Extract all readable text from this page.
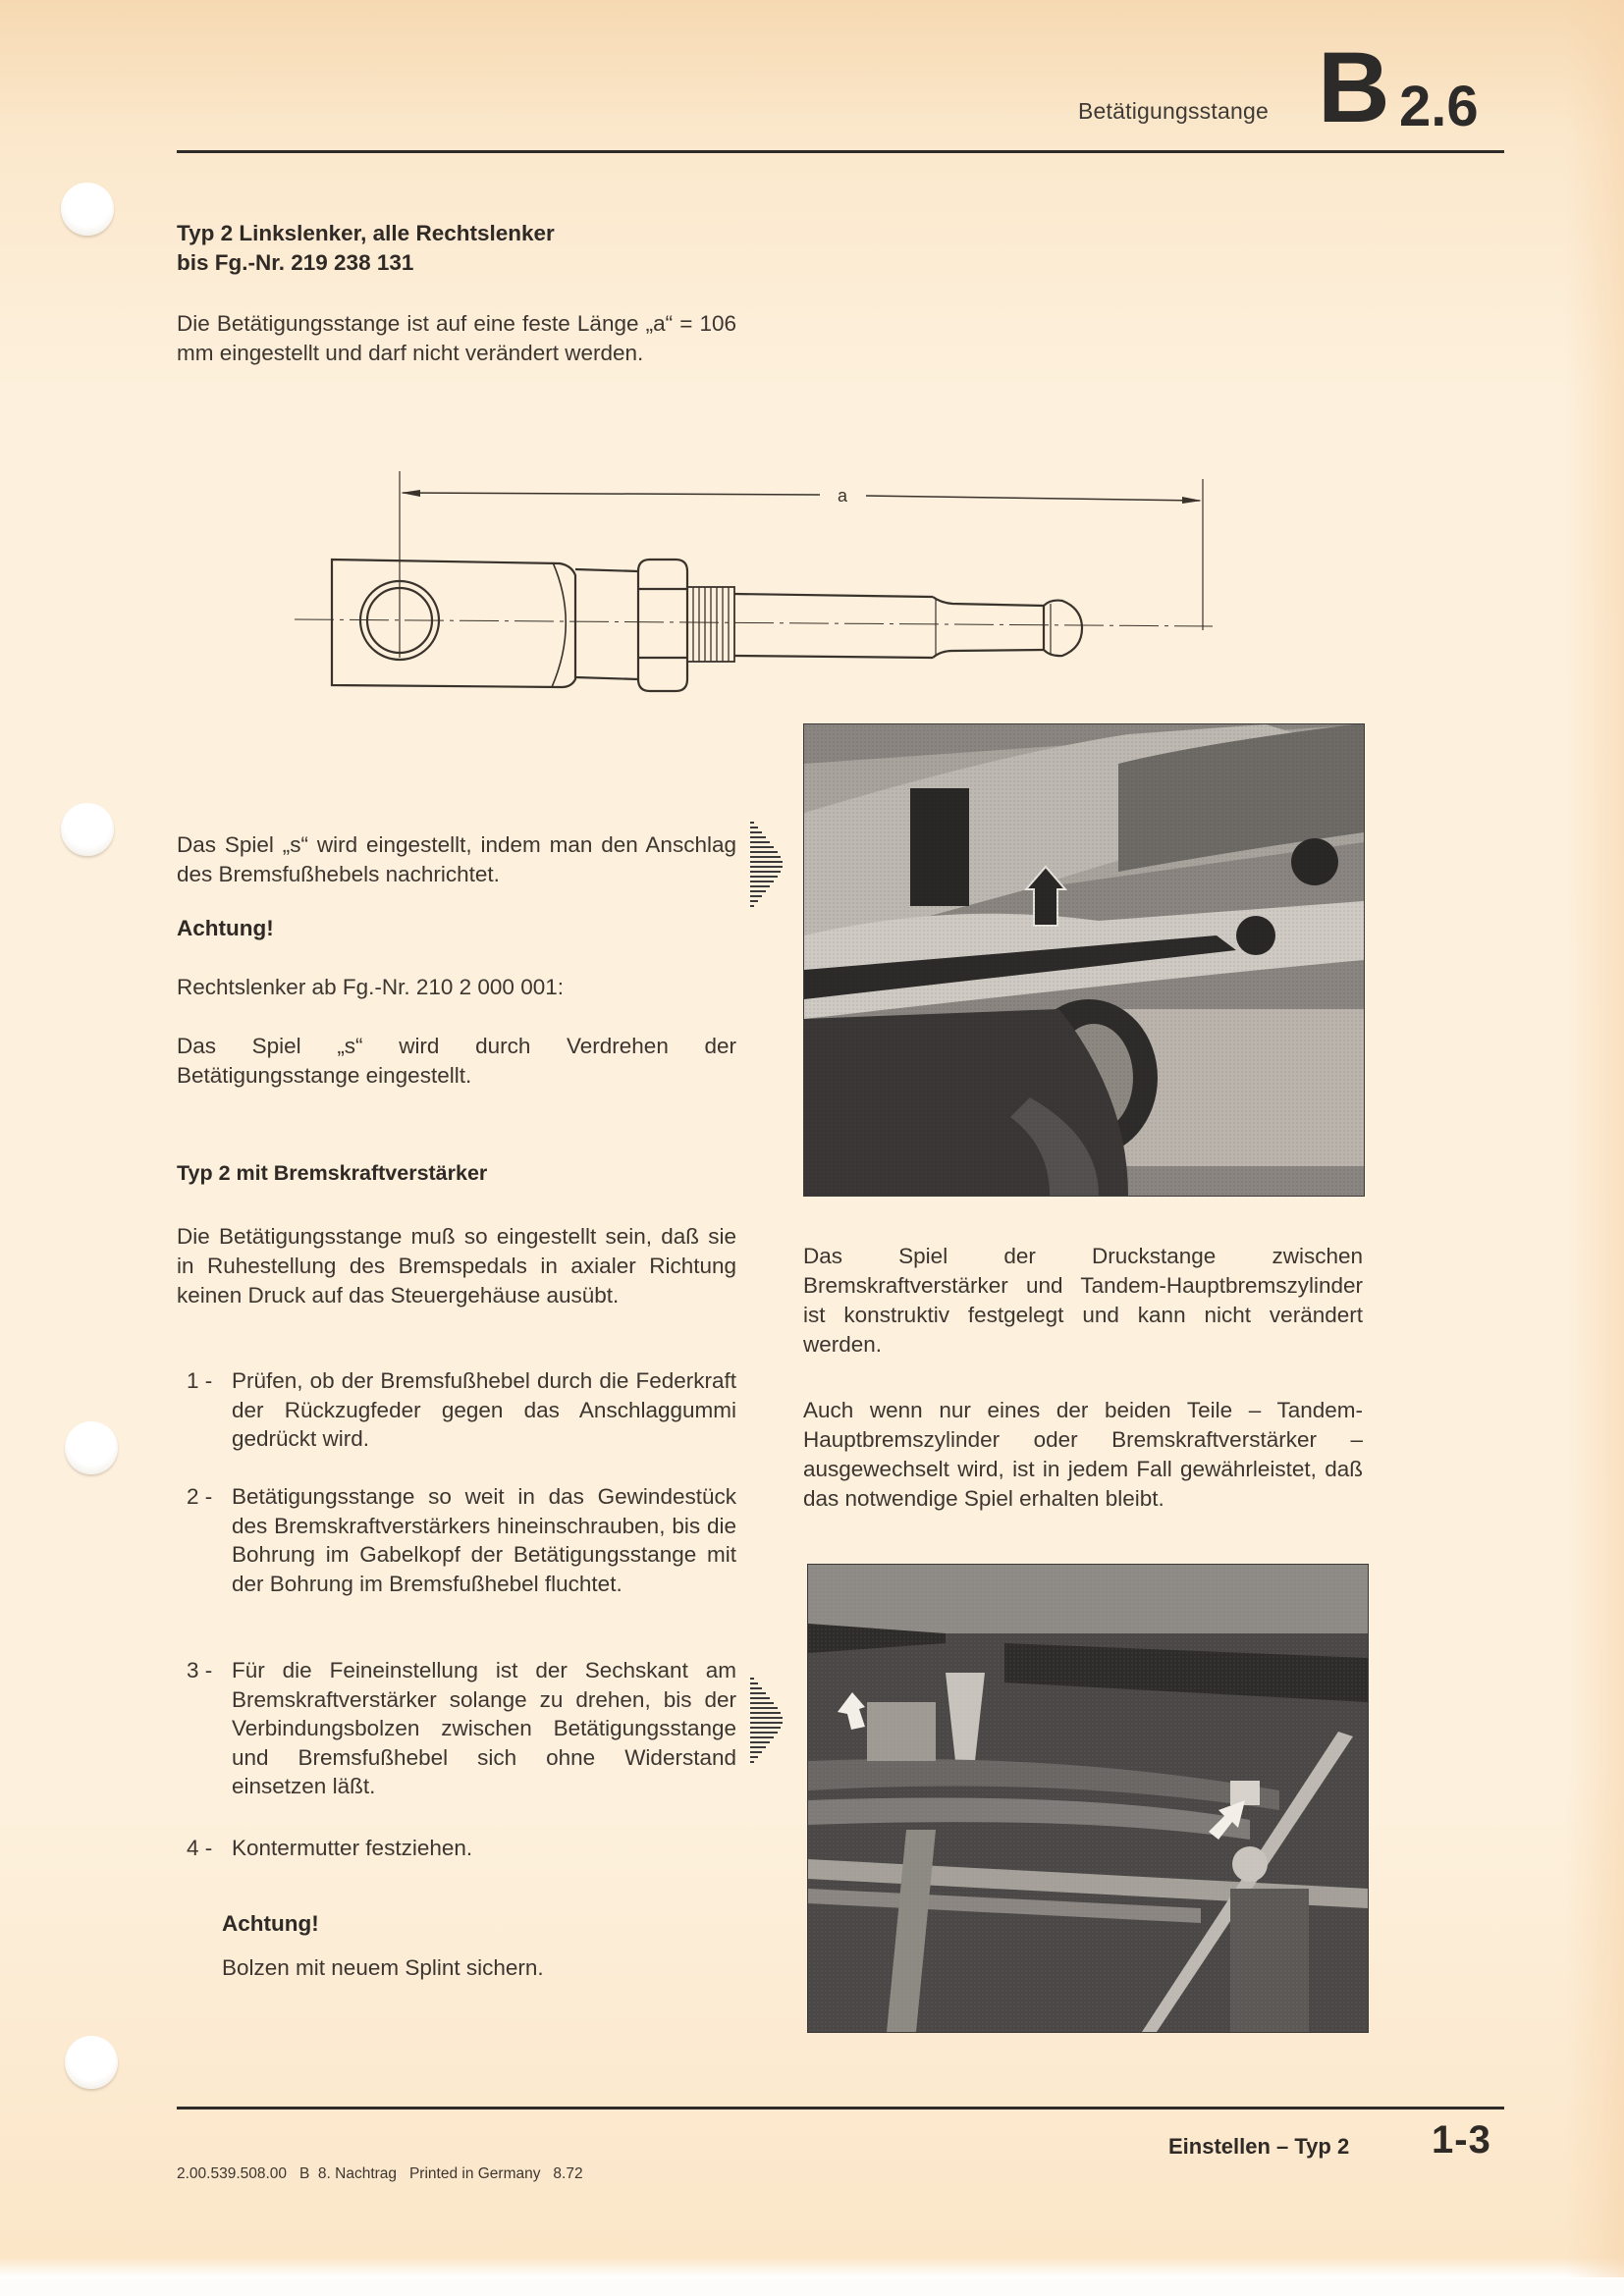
Betätigungsstange B 2.6
Typ 2 Linkslenker, alle Rechtslenker
bis Fg.-Nr. 219 238 131
Die Betätigungsstange ist auf eine feste Länge „a“ = 106 mm eingestellt und darf nicht verändert werden.
a
Das Spiel „s“ wird eingestellt, indem man den Anschlag des Bremsfußhebels nachrichtet.
Achtung!
Rechtslenker ab Fg.-Nr. 210 2 000 001:
Das Spiel „s“ wird durch Verdrehen der Betätigungsstange eingestellt.
Typ 2 mit Bremskraftverstärker
Die Betätigungsstange muß so eingestellt sein, daß sie in Ruhestellung des Bremspedals in axialer Richtung keinen Druck auf das Steuergehäuse ausübt.
1 - Prüfen, ob der Bremsfußhebel durch die Federkraft der Rückzugfeder gegen das Anschlaggummi gedrückt wird.
2 - Betätigungsstange so weit in das Gewindestück des Bremskraftverstärkers hineinschrauben, bis die Bohrung im Gabelkopf der Betätigungsstange mit der Bohrung im Bremsfußhebel fluchtet.
3 - Für die Feineinstellung ist der Sechskant am Bremskraftverstärker solange zu drehen, bis der Verbindungsbolzen zwischen Betätigungsstange und Bremsfußhebel sich ohne Widerstand einsetzen läßt.
4 - Kontermutter festziehen.
Achtung!
Bolzen mit neuem Splint sichern.
Das Spiel der Druckstange zwischen Bremskraftverstärker und Tandem-Hauptbremszylinder ist konstruktiv festgelegt und kann nicht verändert werden.
Auch wenn nur eines der beiden Teile – Tandem-Hauptbremszylinder oder Bremskraftverstärker – ausgewechselt wird, ist in jedem Fall gewährleistet, daß das notwendige Spiel erhalten bleibt.
Einstellen – Typ 2 1-3
2.00.539.508.00   B  8. Nachtrag   Printed in Germany   8.72
